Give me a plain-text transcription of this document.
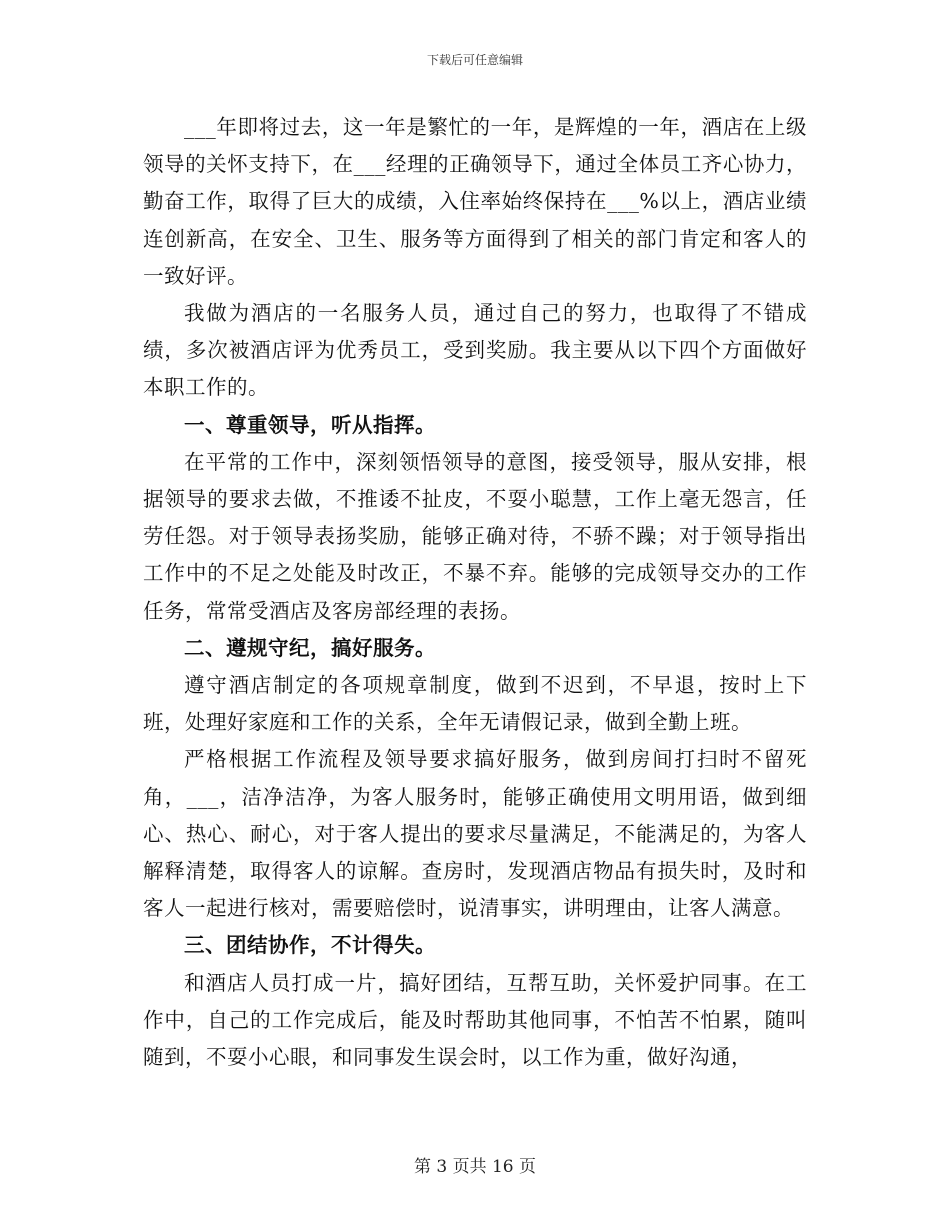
下载后可任意编辑

___年即将过去，这一年是繁忙的一年，是辉煌的一年，酒店在上级领导的关怀支持下，在___经理的正确领导下，通过全体员工齐心协力，勤奋工作，取得了巨大的成绩，入住率始终保持在___%以上，酒店业绩连创新高，在安全、卫生、服务等方面得到了相关的部门肯定和客人的一致好评。

我做为酒店的一名服务人员，通过自己的努力，也取得了不错成绩，多次被酒店评为优秀员工，受到奖励。我主要从以下四个方面做好本职工作的。

一、尊重领导，听从指挥。

在平常的工作中，深刻领悟领导的意图，接受领导，服从安排，根据领导的要求去做，不推诿不扯皮，不耍小聪慧，工作上毫无怨言，任劳任怨。对于领导表扬奖励，能够正确对待，不骄不躁；对于领导指出工作中的不足之处能及时改正，不暴不弃。能够的完成领导交办的工作任务，常常受酒店及客房部经理的表扬。

二、遵规守纪，搞好服务。

遵守酒店制定的各项规章制度，做到不迟到，不早退，按时上下班，处理好家庭和工作的关系，全年无请假记录，做到全勤上班。

严格根据工作流程及领导要求搞好服务，做到房间打扫时不留死角，___，洁净洁净，为客人服务时，能够正确使用文明用语，做到细心、热心、耐心，对于客人提出的要求尽量满足，不能满足的，为客人解释清楚，取得客人的谅解。查房时，发现酒店物品有损失时，及时和客人一起进行核对，需要赔偿时，说清事实，讲明理由，让客人满意。

三、团结协作，不计得失。

和酒店人员打成一片，搞好团结，互帮互助，关怀爱护同事。在工作中，自己的工作完成后，能及时帮助其他同事，不怕苦不怕累，随叫随到，不耍小心眼，和同事发生误会时，以工作为重，做好沟通，

第 3 页共 16 页
